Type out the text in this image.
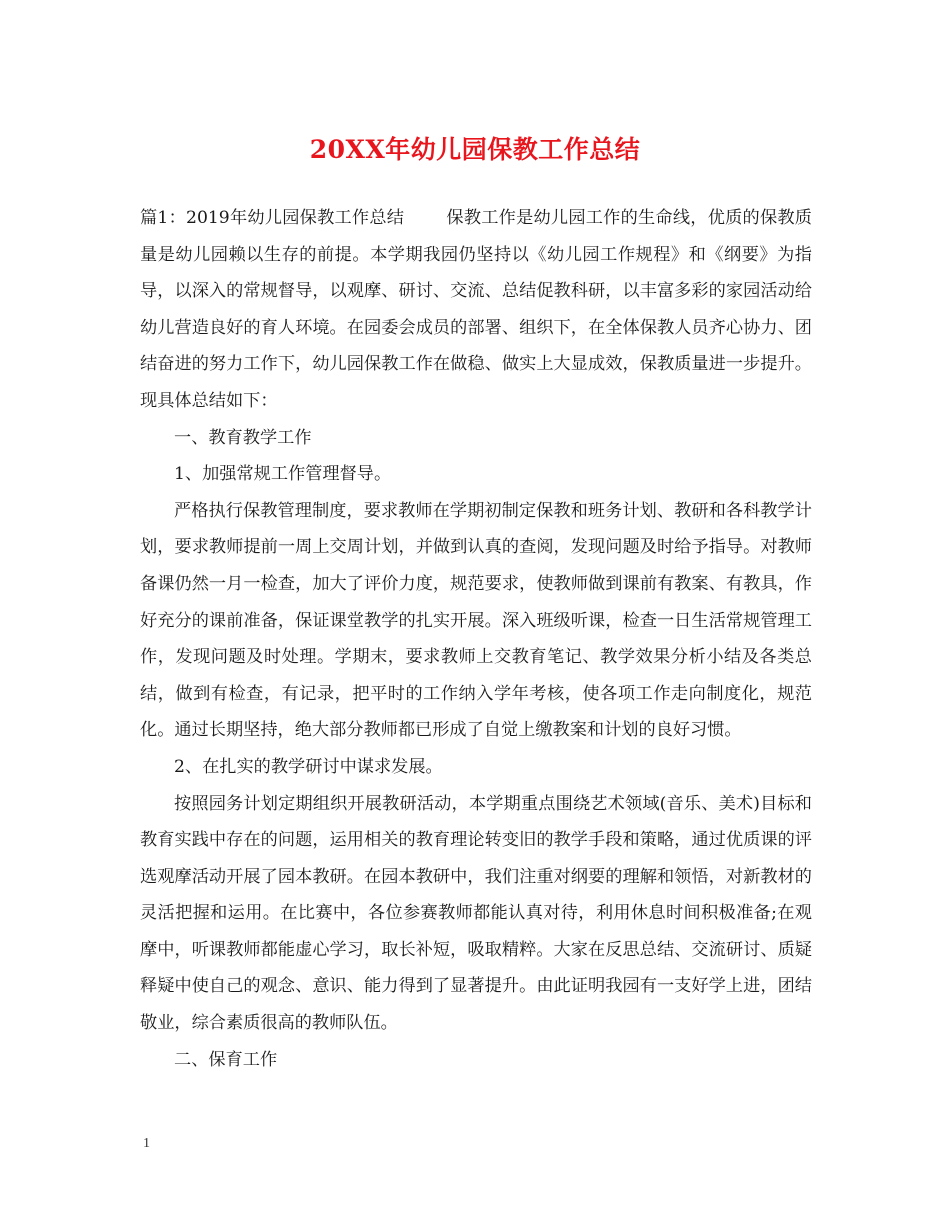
20XX年幼儿园保教工作总结

篇1：2019年幼儿园保教工作总结 保教工作是幼儿园工作的生命线，优质的保教质量是幼儿园赖以生存的前提。本学期我园仍坚持以《幼儿园工作规程》和《纲要》为指导，以深入的常规督导，以观摩、研讨、交流、总结促教科研，以丰富多彩的家园活动给幼儿营造良好的育人环境。在园委会成员的部署、组织下，在全体保教人员齐心协力、团结奋进的努力工作下，幼儿园保教工作在做稳、做实上大显成效，保教质量进一步提升。现具体总结如下：

一、教育教学工作

1、加强常规工作管理督导。

严格执行保教管理制度，要求教师在学期初制定保教和班务计划、教研和各科教学计划，要求教师提前一周上交周计划，并做到认真的查阅，发现问题及时给予指导。对教师备课仍然一月一检查，加大了评价力度，规范要求，使教师做到课前有教案、有教具，作好充分的课前准备，保证课堂教学的扎实开展。深入班级听课，检查一日生活常规管理工作，发现问题及时处理。学期末，要求教师上交教育笔记、教学效果分析小结及各类总结，做到有检查，有记录，把平时的工作纳入学年考核，使各项工作走向制度化，规范化。通过长期坚持，绝大部分教师都已形成了自觉上缴教案和计划的良好习惯。

2、在扎实的教学研讨中谋求发展。

按照园务计划定期组织开展教研活动，本学期重点围绕艺术领域(音乐、美术)目标和教育实践中存在的问题，运用相关的教育理论转变旧的教学手段和策略，通过优质课的评选观摩活动开展了园本教研。在园本教研中，我们注重对纲要的理解和领悟，对新教材的灵活把握和运用。在比赛中，各位参赛教师都能认真对待，利用休息时间积极准备;在观摩中，听课教师都能虚心学习，取长补短，吸取精粹。大家在反思总结、交流研讨、质疑释疑中使自己的观念、意识、能力得到了显著提升。由此证明我园有一支好学上进，团结敬业，综合素质很高的教师队伍。

二、保育工作

1
